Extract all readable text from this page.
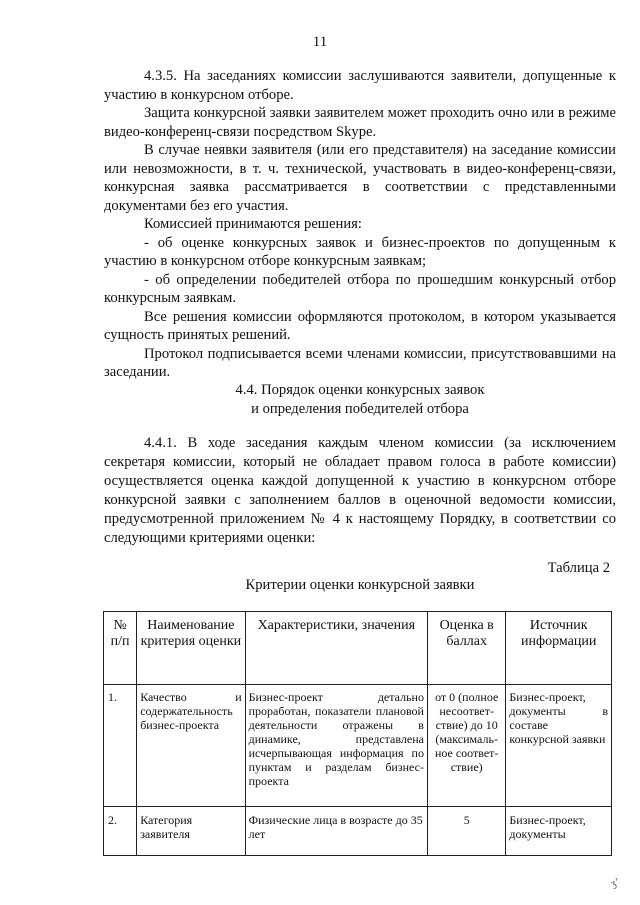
11

4.3.5. На заседаниях комиссии заслушиваются заявители, допущенные к участию в конкурсном отборе.

Защита конкурсной заявки заявителем может проходить очно или в режиме видео-конференц-связи посредством Skype.

В случае неявки заявителя (или его представителя) на заседание комиссии или невозможности, в т. ч. технической, участвовать в видео-конференц-связи, конкурсная заявка рассматривается в соответствии с представленными документами без его участия.

Комиссией принимаются решения:

- об оценке конкурсных заявок и бизнес-проектов по допущенным к участию в конкурсном отборе конкурсным заявкам;

- об определении победителей отбора по прошедшим конкурсный отбор конкурсным заявкам.

Все решения комиссии оформляются протоколом, в котором указывается сущность принятых решений.

Протокол подписывается всеми членами комиссии, присутствовавшими на заседании.

4.4. Порядок оценки конкурсных заявок
и определения победителей отбора

4.4.1. В ходе заседания каждым членом комиссии (за исключением секретаря комиссии, который не обладает правом голоса в работе комиссии) осуществляется оценка каждой допущенной к участию в конкурсном отборе конкурсной заявки с заполнением баллов в оценочной ведомости комиссии, предусмотренной приложением № 4 к настоящему Порядку, в соответствии со следующими критериями оценки:

Таблица 2
Критерии оценки конкурсной заявки
№ п/п	Наименование критерия оценки	Характеристики, значения	Оценка в баллах	Источник информации
1.	Качество и содержательность бизнес-проекта	Бизнес-проект детально проработан, показатели плановой деятельности отражены в динамике, представлена исчерпывающая информация по пунктам и разделам бизнес-проекта	от 0 (полное несоответ-ствие) до 10 (максималь-ное соответ-ствие)	Бизнес-проект, документы в составе конкурсной заявки
2.	Категория заявителя	Физические лица в возрасте до 35 лет	5	Бизнес-проект, документы
ʒʼ
